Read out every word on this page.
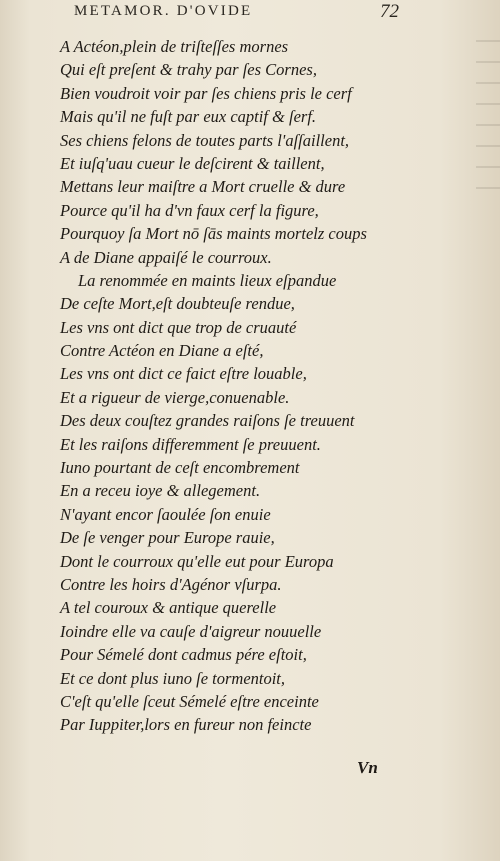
METAMOR. D'OVIDE	72
A Actéon,plein de triſteſſes mornes
Qui eſt preſent & trahy par ſes Cornes,
Bien voudroit voir par ſes chiens pris le cerf
Mais qu'il ne fuſt par eux captif & ſerf.
Ses chiens felons de toutes parts l'aſſaillent,
Et iuſq'uau cueur le deſcirent & taillent,
Mettans leur maiſtre a Mort cruelle & dure
Pource qu'il ha d'vn faux cerf la figure,
Pourquoy ſa Mort nō ſās maints mortelz coups
A de Diane appaiſé le courroux.
La renommée en maints lieux eſpandue
De ceſte Mort,eſt doubteuſe rendue,
Les vns ont dict que trop de cruauté
Contre Actéon en Diane a eſté,
Les vns ont dict ce faict eſtre louable,
Et a rigueur de vierge,conuenable.
Des deux couſtez grandes raiſons ſe treuuent
Et les raiſons differemment ſe preuuent.
Iuno pourtant de ceſt encombrement
En a receu ioye & allegement.
N'ayant encor ſaoulée ſon enuie
De ſe venger pour Europe rauie,
Dont le courroux qu'elle eut pour Europa
Contre les hoirs d'Agénor vſurpa.
A tel couroux & antique querelle
Ioindre elle va cauſe d'aigreur nouuelle
Pour Sémelé dont cadmus pére eſtoit,
Et ce dont plus iuno ſe tormentoit,
C'eſt qu'elle ſceut Sémelé eſtre enceinte
Par Iuppiter,lors en fureur non feincte
Vn
